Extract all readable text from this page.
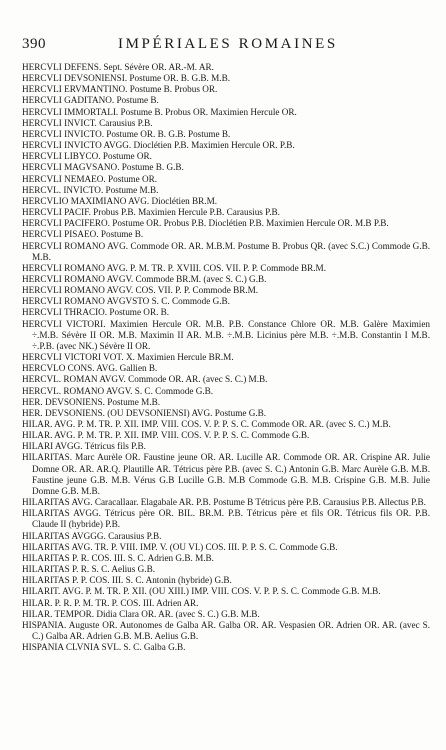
390	IMPÉRIALES ROMAINES
HERCVLI DEFENS. Sept. Sévère OR. AR.-M. AR.
HERCVLI DEVSONIENSI. Postume OR. B. G.B. M.B.
HERCVLI ERVMANTINO. Postume B. Probus OR.
HERCVLI GADITANO. Postume B.
HERCVLI IMMORTALI. Postume B. Probus OR. Maximien Hercule OR.
HERCVLI INVICT. Carausius P.B.
HERCVLI INVICTO. Postume OR. B. G.B. Postume B.
HERCVLI INVICTO AVGG. Dioclétien P.B. Maximien Hercule OR. P.B.
HERCVLI LIBYCO. Postume OR.
HERCVLI MAGVSANO. Postume B. G.B.
HERCVLI NEMAEO. Postume OR.
HERCVL. INVICTO. Postume M.B.
HERCVLIO MAXIMIANO AVG. Dioclétien BR.M.
HERCVLI PACIF. Probus P.B. Maximien Hercule P.B. Carausius P.B.
HERCVLI PACIFERO. Postume OR. Probus P.B. Dioclétien P.B. Maximien Hercule OR. M.B P.B.
HERCVLI PISAEO. Postume B.
HERCVLI ROMANO AVG. Commode OR. AR. M.B.M. Postume B. Probus QR. (avec S.C.) Commode G.B. M.B.
HERCVLI ROMANO AVG. P. M. TR. P. XVIII. COS. VII. P. P. Commode BR.M.
HERCVLI ROMANO AVGV. Commode BR.M. (avec S. C.) G.B.
HERCVLI ROMANO AVGV. COS. VII. P. P. Commode BR.M.
HERCVLI ROMANO AVGVSTO S. C. Commode G.B.
HERCVLI THRACIO. Postume OR. B.
HERCVLI VICTORI. Maximien Hercule OR. M.B. P.B. Constance Chlore OR. M.B. Galère Maximien ÷.M.B. Sévère II OR. M.B. Maximin II AR. M.B. ÷.M.B. Licinius père M.B. ÷.M.B. Constantin I M.B. ÷.P.B. (avec NK.) Sévère II OR.
HERCVLI VICTORI VOT. X. Maximien Hercule BR.M.
HERCVLO CONS. AVG. Gallien B.
HERCVL. ROMAN AVGV. Commode OR. AR. (avec S. C.) M.B.
HERCVL. ROMANO AVGV. S. C. Commode G.B.
HER. DEVSONIENS. Postume M.B.
HER. DEVSONIENS. (OU DEVSONIENSI) AVG. Postume G.B.
HILAR. AVG. P. M. TR. P. XII. IMP. VIII. COS. V. P. P. S. C. Commode OR. AR. (avec S. C.) M.B.
HILAR. AVG. P. M. TR. P. XII. IMP. VIII. COS. V. P. P. S. C. Commode G.B.
HILARI AVGG. Tétricus fils P.B.
HILARITAS. Marc Aurèle OR. Faustine jeune OR. AR. Lucille AR. Commode OR. AR. Crispine AR. Julie Domne OR. AR. AR.Q. Plautille AR. Tétricus père P.B. (avec S. C.) Antonin G.B. Marc Aurèle G.B. M.B. Faustine jeune G.B. M.B. Vérus G.B Lucille G.B. M.B Commode G.B. M.B. Crispine G.B. M.B. Julie Domne G.B. M.B.
HILARITAS AVG. Caracallaar. Elagabale AR. P.B. Postume B Tétricus père P.B. Carausius P.B. Allectus P.B.
HILARITAS AVGG. Tétricus père OR. BIL. BR.M. P.B. Tétricus père et fils OR. Tétricus fils OR. P.B. Claude II (hybride) P.B.
HILARITAS AVGGG. Carausius P.B.
HILARITAS AVG. TR. P. VIII. IMP. V. (OU VI.) COS. III. P. P. S. C. Commode G.B.
HILARITAS P. R. COS. III. S. C. Adrien G.B. M.B.
HILARITAS P. R. S. C. Aelius G.B.
HILARITAS P. P. COS. III. S. C. Antonin (hybride) G.B.
HILARIT. AVG. P. M. TR. P. XII. (OU XIII.) IMP. VIII. COS. V. P. P. S. C. Commode G.B. M.B.
HILAR. P. R. P. M. TR. P. COS. III. Adrien AR.
HILAR. TEMPOR. Didia Clara OR. AR. (avec S. C.) G.B. M.B.
HISPANIA. Auguste OR. Autonomes de Galba AR. Galba OR. AR. Vespasien OR. Adrien OR. AR. (avec S. C.) Galba AR. Adrien G.B. M.B. Aelius G.B.
HISPANIA CLVNIA SVL. S. C. Galba G.B.
